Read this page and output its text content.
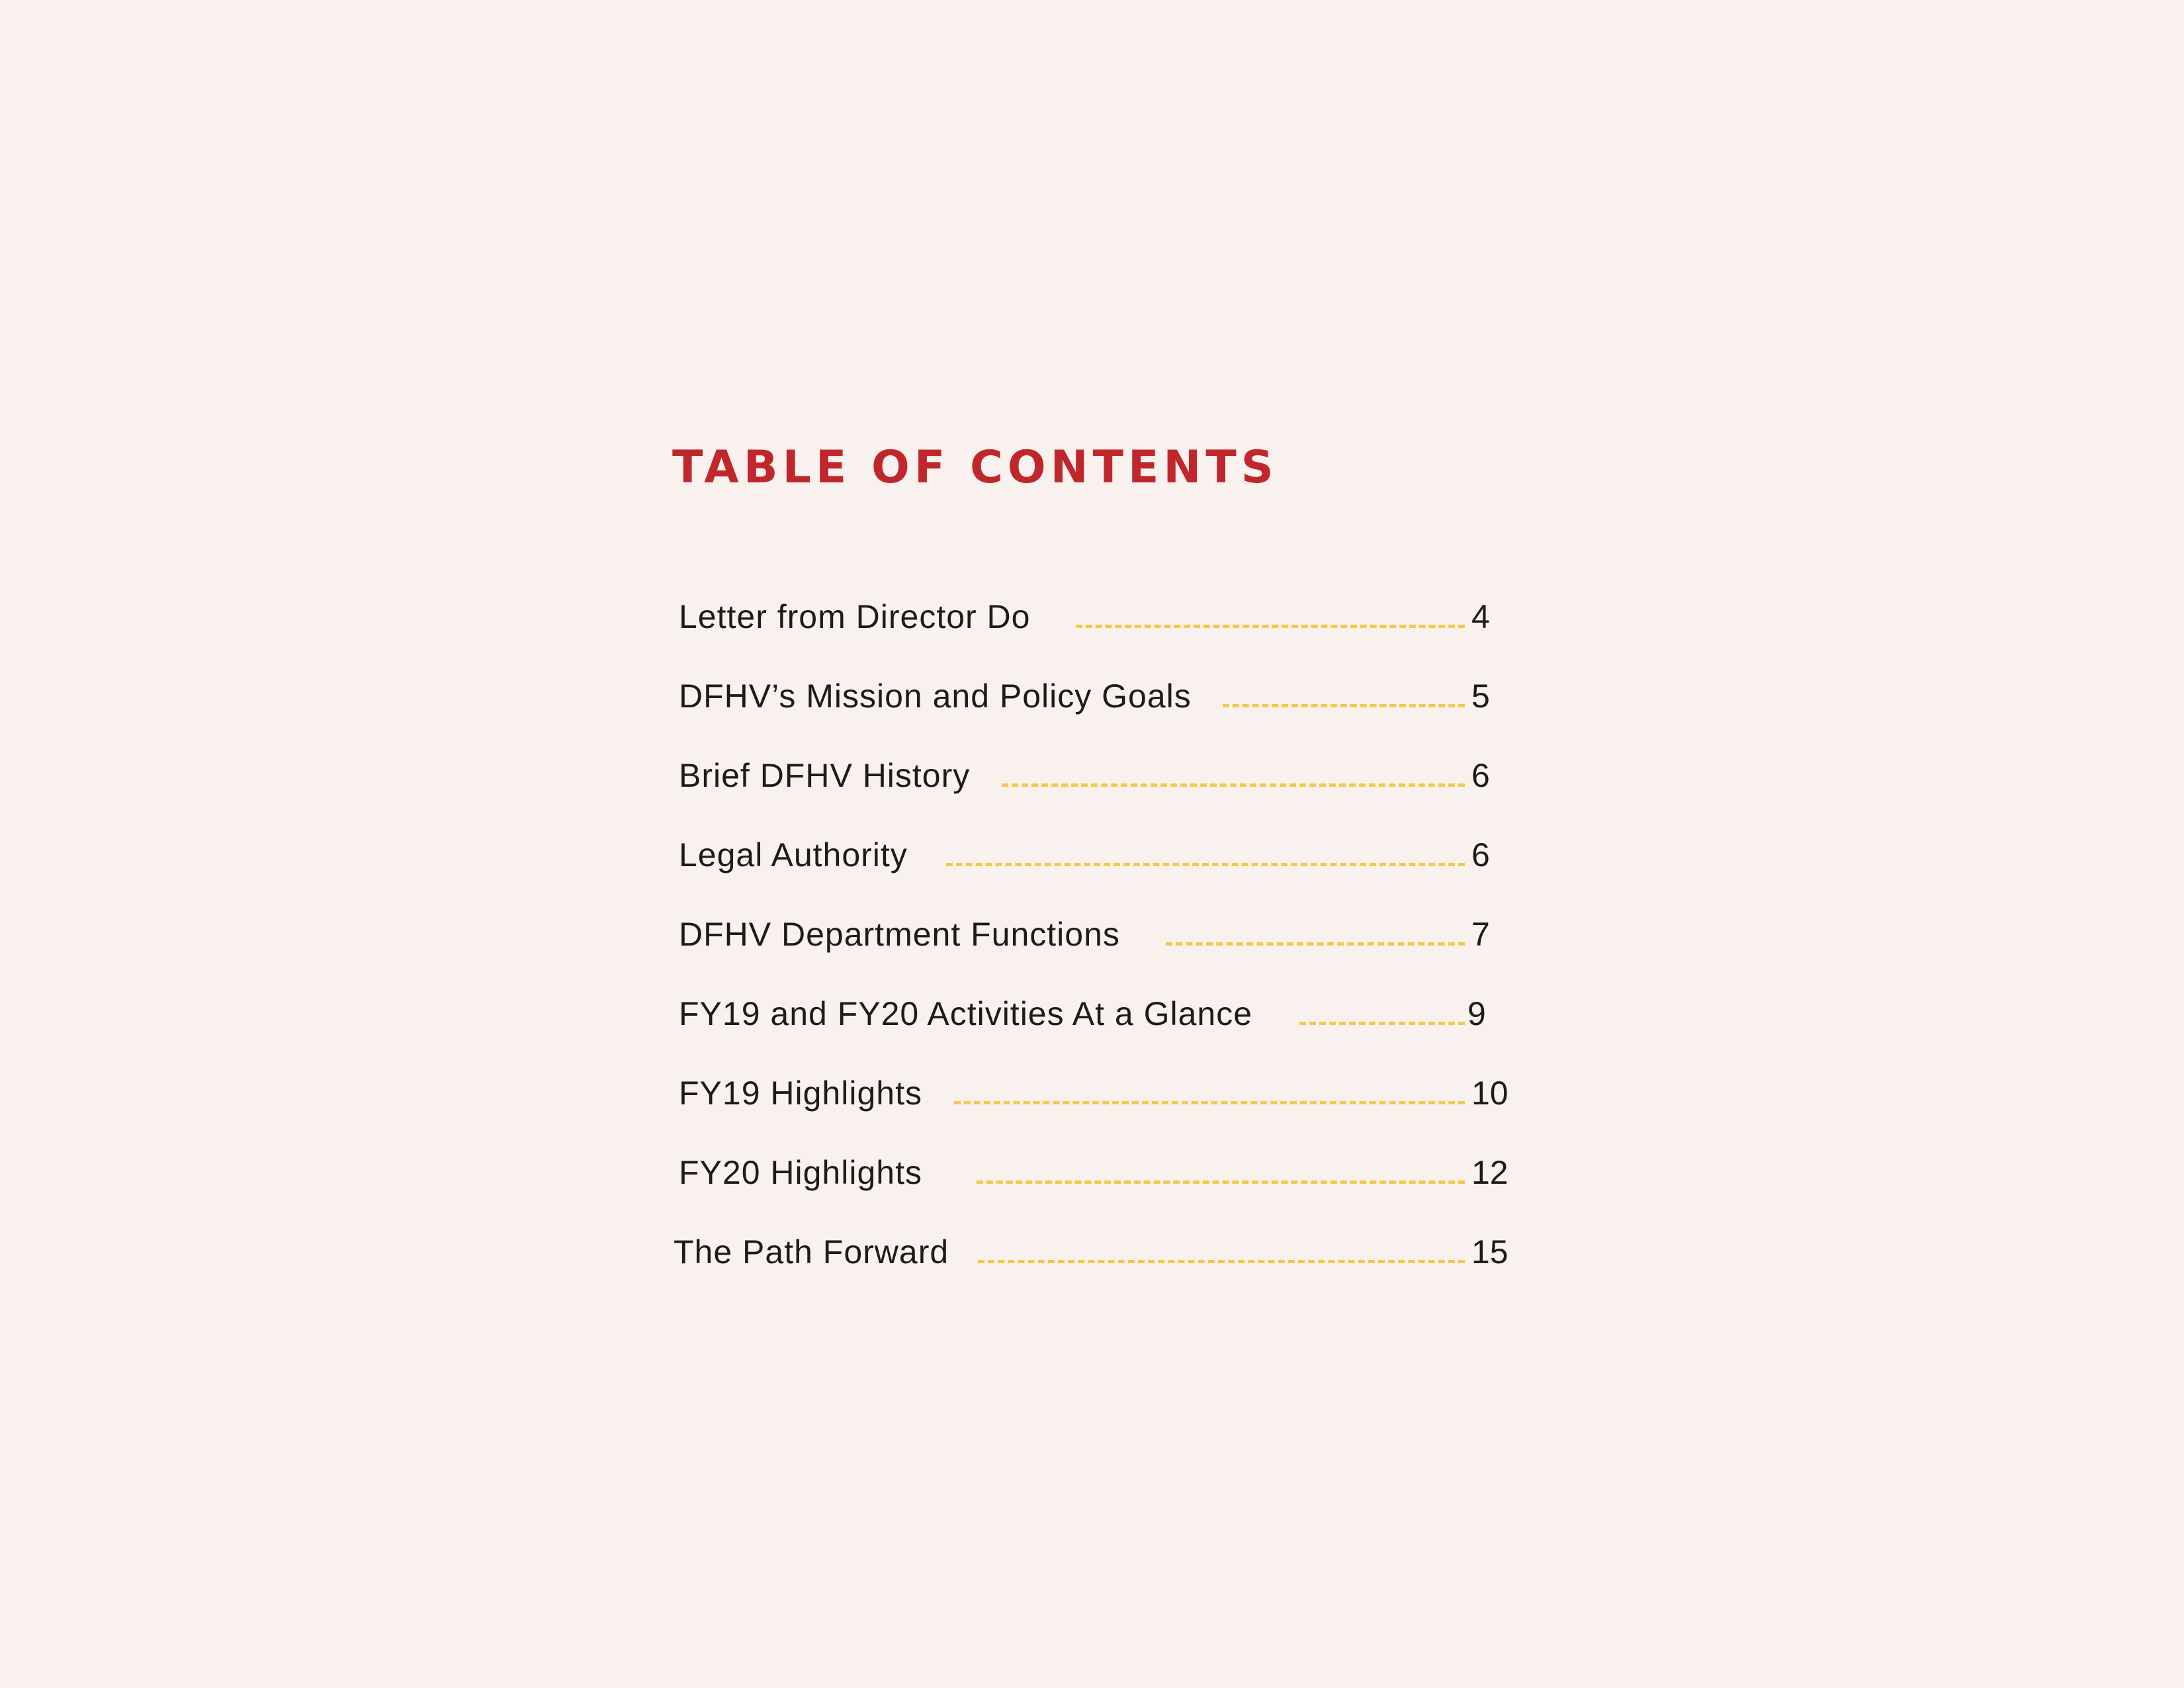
TABLE OF CONTENTS
Letter from Director Do	4
DFHV’s Mission and Policy Goals	5
Brief DFHV History	6
Legal Authority	6
DFHV Department Functions	7
FY19 and FY20 Activities At a Glance	9
FY19 Highlights	10
FY20 Highlights	12
The Path Forward	15
